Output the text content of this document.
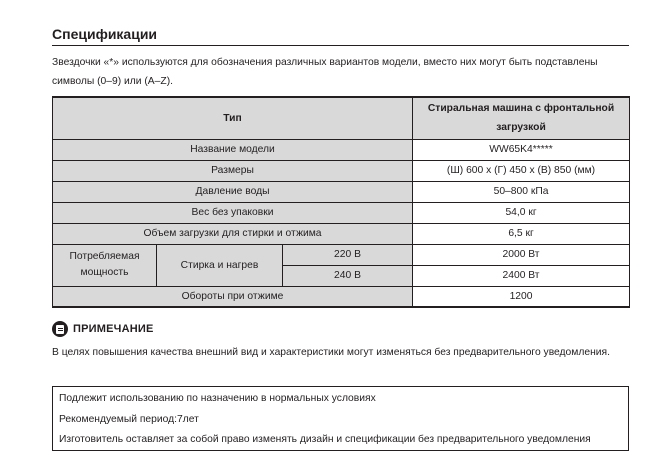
Спецификации
Звездочки «*» используются для обозначения различных вариантов модели, вместо них могут быть подставлены символы (0–9) или (A–Z).
Тип			Стиральная машина с фронтальной загрузкой
Название модели			WW65K4*****
Размеры			(Ш) 600 x (Г) 450 x (В) 850 (мм)
Давление воды			50–800 кПа
Вес без упаковки			54,0 кг
Объем загрузки для стирки и отжима			6,5 кг
Потребляемая мощность	Стирка и нагрев	220 В	2000 Вт
		240 В	2400 Вт
Обороты при отжиме			1200
ПРИМЕЧАНИЕ
В целях повышения качества внешний вид и характеристики могут изменяться без предварительного уведомления.
Подлежит использованию по назначению в нормальных условиях
Рекомендуемый период:7лет
Изготовитель оставляет за собой право изменять дизайн и спецификации без предварительного уведомления
